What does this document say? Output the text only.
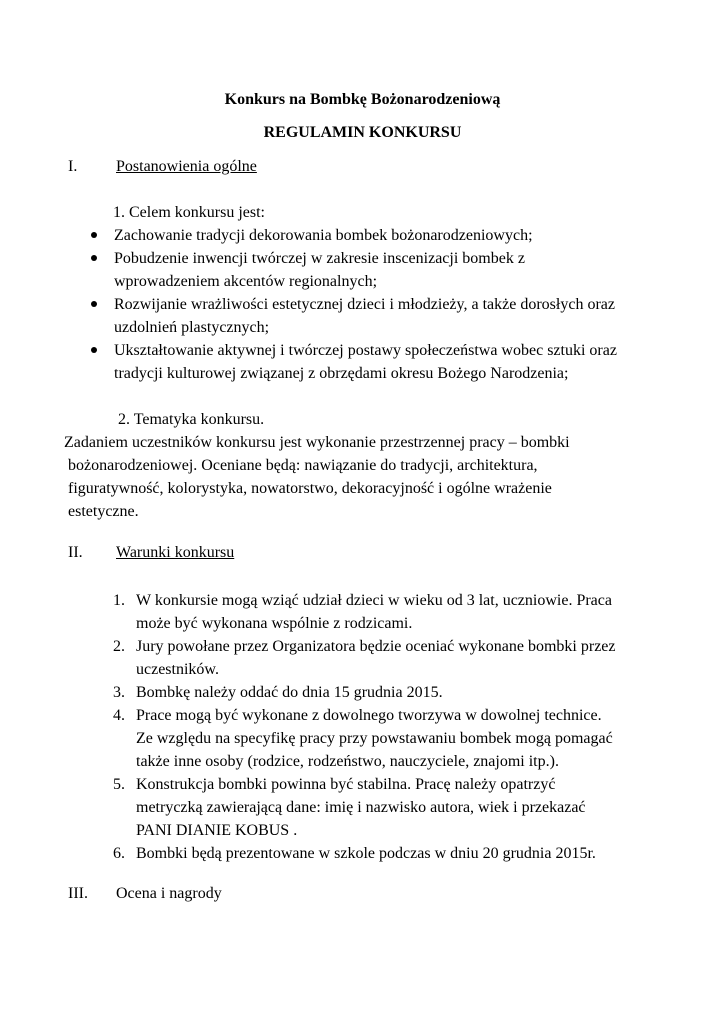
Konkurs na Bombkę Bożonarodzeniową
REGULAMIN KONKURSU
I. Postanowienia ogólne
1. Celem konkursu jest:
Zachowanie tradycji dekorowania bombek bożonarodzeniowych;
Pobudzenie inwencji twórczej w zakresie inscenizacji bombek z
wprowadzeniem akcentów regionalnych;
Rozwijanie wrażliwości estetycznej dzieci i młodzieży, a także dorosłych oraz
uzdolnień plastycznych;
Ukształtowanie aktywnej i twórczej postawy społeczeństwa wobec sztuki oraz
tradycji kulturowej związanej z obrzędami okresu Bożego Narodzenia;
2. Tematyka konkursu.
Zadaniem uczestników konkursu jest wykonanie przestrzennej pracy – bombki
bożonarodzeniowej. Oceniane będą: nawiązanie do tradycji, architektura,
figuratywność, kolorystyka, nowatorstwo, dekoracyjność i ogólne wrażenie
estetyczne.
II. Warunki konkursu
1. W konkursie mogą wziąć udział dzieci w wieku od 3 lat, uczniowie. Praca
może być wykonana wspólnie z rodzicami.
2. Jury powołane przez Organizatora będzie oceniać wykonane bombki przez
uczestników.
3. Bombkę należy oddać do dnia 15 grudnia 2015.
4. Prace mogą być wykonane z dowolnego tworzywa w dowolnej technice.
Ze względu na specyfikę pracy przy powstawaniu bombek mogą pomagać
także inne osoby (rodzice, rodzeństwo, nauczyciele, znajomi itp.).
5. Konstrukcja bombki powinna być stabilna. Pracę należy opatrzyć
metryczką zawierającą dane: imię i nazwisko autora, wiek i przekazać
PANI DIANIE KOBUS .
6. Bombki będą prezentowane w szkole podczas w dniu 20 grudnia 2015r.
III. Ocena i nagrody
